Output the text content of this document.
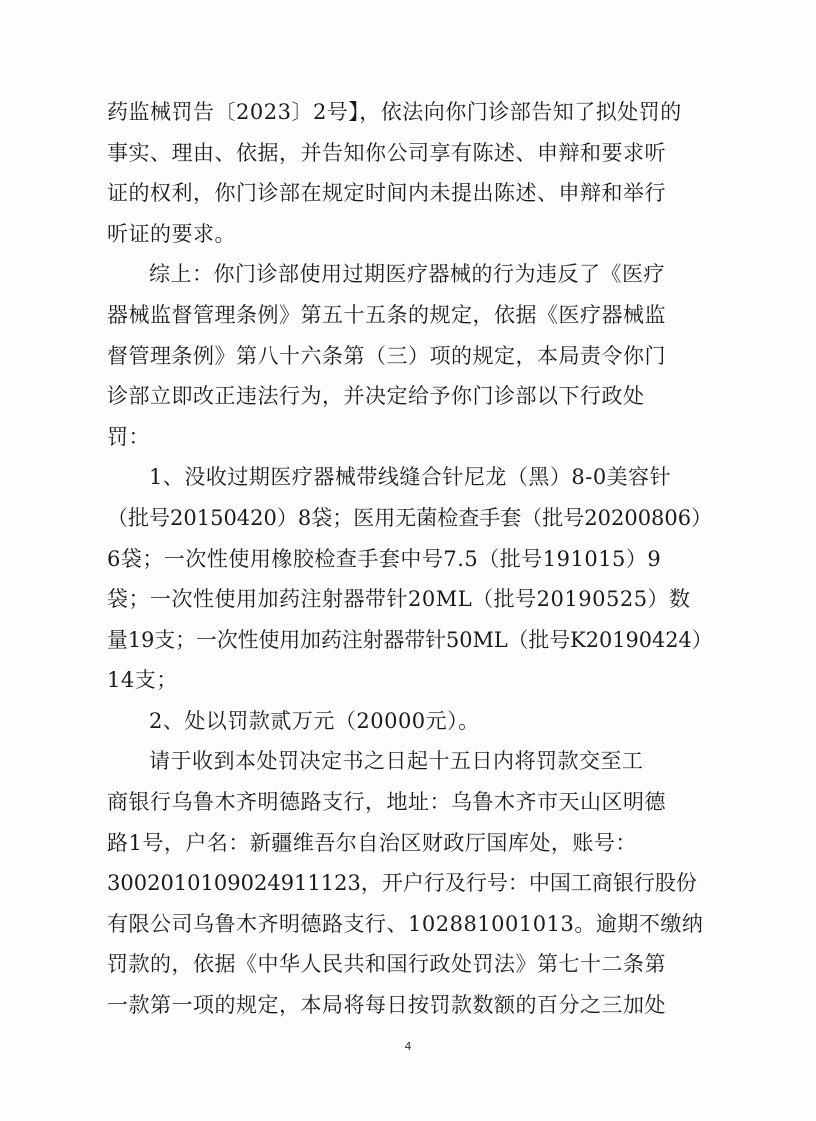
药监械罚告〔2023〕2号】，依法向你门诊部告知了拟处罚的
事实、理由、依据，并告知你公司享有陈述、申辩和要求听
证的权利，你门诊部在规定时间内未提出陈述、申辩和举行
听证的要求。
综上：你门诊部使用过期医疗器械的行为违反了《医疗
器械监督管理条例》第五十五条的规定，依据《医疗器械监
督管理条例》第八十六条第（三）项的规定，本局责令你门
诊部立即改正违法行为，并决定给予你门诊部以下行政处
罚：
1、没收过期医疗器械带线缝合针尼龙（黑）8-0美容针
（批号20150420）8袋；医用无菌检查手套（批号20200806）
6袋；一次性使用橡胶检查手套中号7.5（批号191015）9
袋；一次性使用加药注射器带针20ML（批号20190525）数
量19支；一次性使用加药注射器带针50ML（批号K20190424）
14支；
2、处以罚款贰万元（20000元）。
请于收到本处罚决定书之日起十五日内将罚款交至工
商银行乌鲁木齐明德路支行，地址：乌鲁木齐市天山区明德
路1号，户名：新疆维吾尔自治区财政厅国库处，账号：
3002010109024911123，开户行及行号：中国工商银行股份
有限公司乌鲁木齐明德路支行、102881001013。逾期不缴纳
罚款的，依据《中华人民共和国行政处罚法》第七十二条第
一款第一项的规定，本局将每日按罚款数额的百分之三加处
4
